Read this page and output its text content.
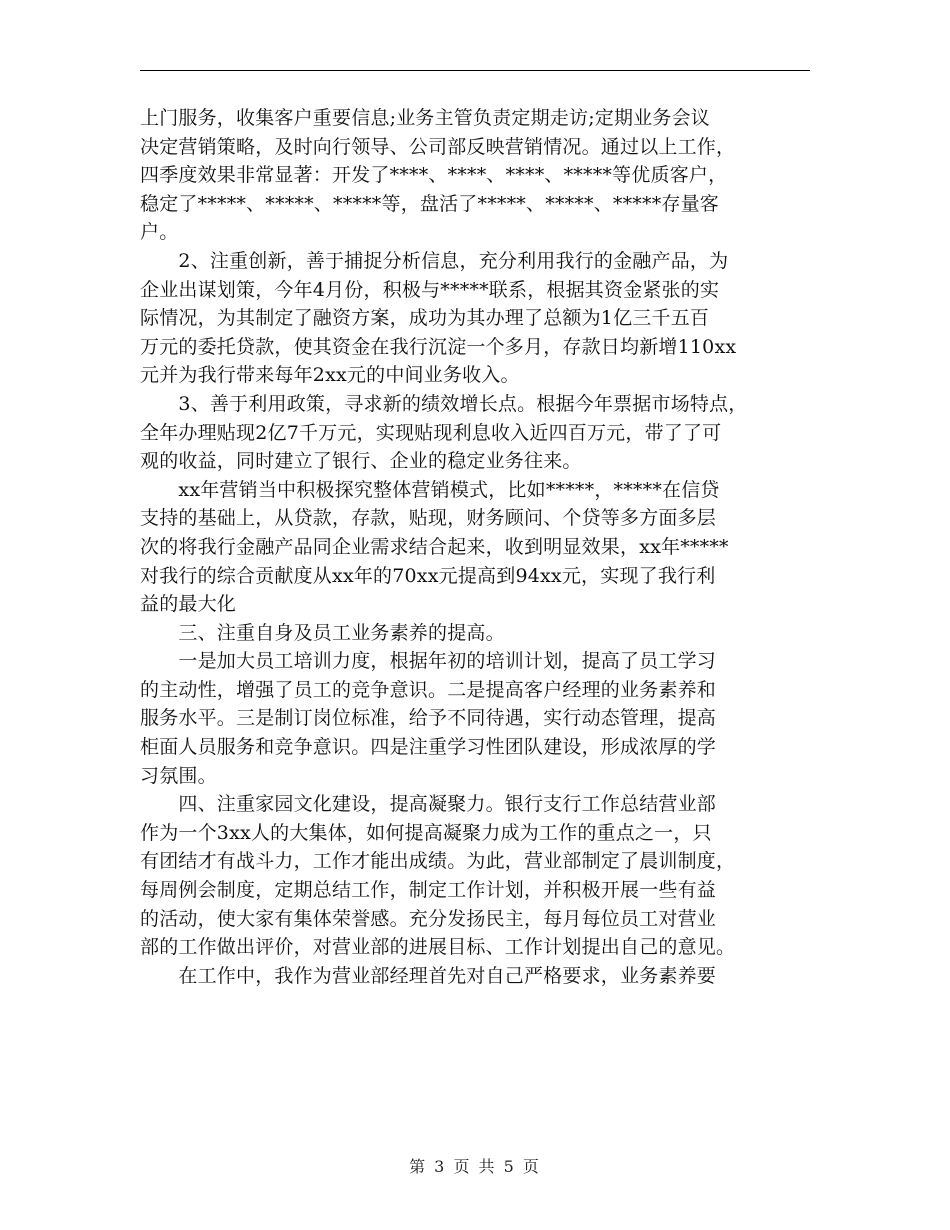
上门服务，收集客户重要信息;业务主管负责定期走访;定期业务会议
决定营销策略，及时向行领导、公司部反映营销情况。通过以上工作，
四季度效果非常显著：开发了****、****、****、*****等优质客户，
稳定了*****、*****、*****等，盘活了*****、*****、*****存量客
户。
　　2、注重创新，善于捕捉分析信息，充分利用我行的金融产品，为
企业出谋划策，今年4月份，积极与*****联系，根据其资金紧张的实
际情况，为其制定了融资方案，成功为其办理了总额为1亿三千五百
万元的委托贷款，使其资金在我行沉淀一个多月，存款日均新增110xx
元并为我行带来每年2xx元的中间业务收入。
　　3、善于利用政策，寻求新的绩效增长点。根据今年票据市场特点，
全年办理贴现2亿7千万元，实现贴现利息收入近四百万元，带了了可
观的收益，同时建立了银行、企业的稳定业务往来。
　　xx年营销当中积极探究整体营销模式，比如*****，*****在信贷
支持的基础上，从贷款，存款，贴现，财务顾问、个贷等多方面多层
次的将我行金融产品同企业需求结合起来，收到明显效果，xx年*****
对我行的综合贡献度从xx年的70xx元提高到94xx元，实现了我行利
益的最大化
　　三、注重自身及员工业务素养的提高。
　　一是加大员工培训力度，根据年初的培训计划，提高了员工学习
的主动性，增强了员工的竞争意识。二是提高客户经理的业务素养和
服务水平。三是制订岗位标准，给予不同待遇，实行动态管理，提高
柜面人员服务和竞争意识。四是注重学习性团队建设，形成浓厚的学
习氛围。
　　四、注重家园文化建设，提高凝聚力。银行支行工作总结营业部
作为一个3xx人的大集体，如何提高凝聚力成为工作的重点之一，只
有团结才有战斗力，工作才能出成绩。为此，营业部制定了晨训制度，
每周例会制度，定期总结工作，制定工作计划，并积极开展一些有益
的活动，使大家有集体荣誉感。充分发扬民主，每月每位员工对营业
部的工作做出评价，对营业部的进展目标、工作计划提出自己的意见。
　　在工作中，我作为营业部经理首先对自己严格要求，业务素养要
第 3 页 共 5 页
